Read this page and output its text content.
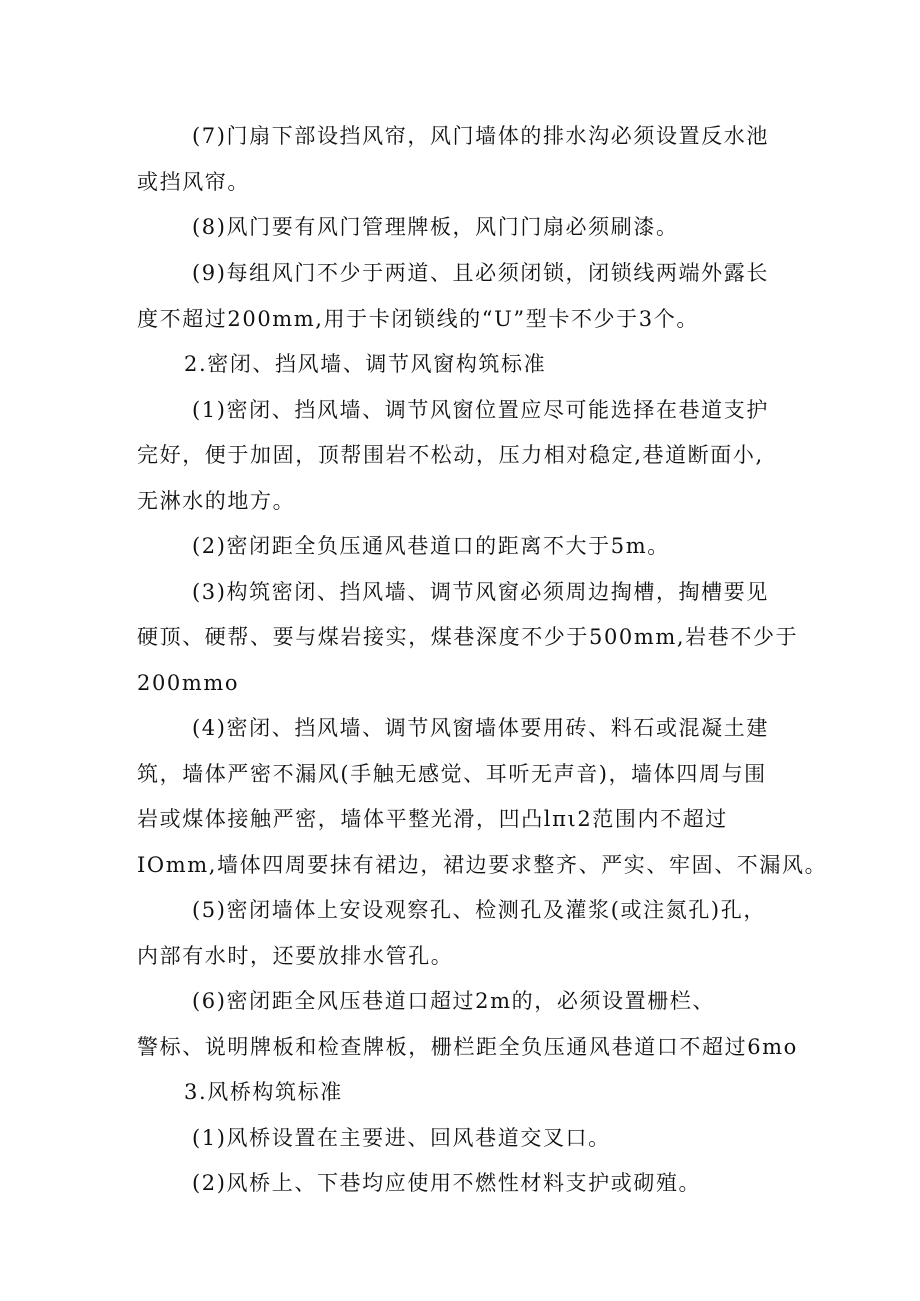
(7)门扇下部设挡风帘，风门墙体的排水沟必须设置反水池
或挡风帘。
(8)风门要有风门管理牌板，风门门扇必须刷漆。
(9)每组风门不少于两道、且必须闭锁，闭锁线两端外露长
度不超过200mm,用于卡闭锁线的“U”型卡不少于3个。
2.密闭、挡风墙、调节风窗构筑标准
(1)密闭、挡风墙、调节风窗位置应尽可能选择在巷道支护
完好，便于加固，顶帮围岩不松动，压力相对稳定,巷道断面小,
无淋水的地方。
(2)密闭距全负压通风巷道口的距离不大于5m。
(3)构筑密闭、挡风墙、调节风窗必须周边掏槽，掏槽要见
硬顶、硬帮、要与煤岩接实，煤巷深度不少于500mm,岩巷不少于
200mmo
(4)密闭、挡风墙、调节风窗墙体要用砖、料石或混凝土建
筑，墙体严密不漏风(手触无感觉、耳听无声音)，墙体四周与围
岩或煤体接触严密，墙体平整光滑，凹凸lπι2范围内不超过
IOmm,墙体四周要抹有裙边，裙边要求整齐、严实、牢固、不漏风。
(5)密闭墙体上安设观察孔、检测孔及灌浆(或注氮孔)孔，
内部有水时，还要放排水管孔。
(6)密闭距全风压巷道口超过2m的，必须设置栅栏、
警标、说明牌板和检查牌板，栅栏距全负压通风巷道口不超过6mo
3.风桥构筑标准
(1)风桥设置在主要进、回风巷道交叉口。
(2)风桥上、下巷均应使用不燃性材料支护或砌殖。
